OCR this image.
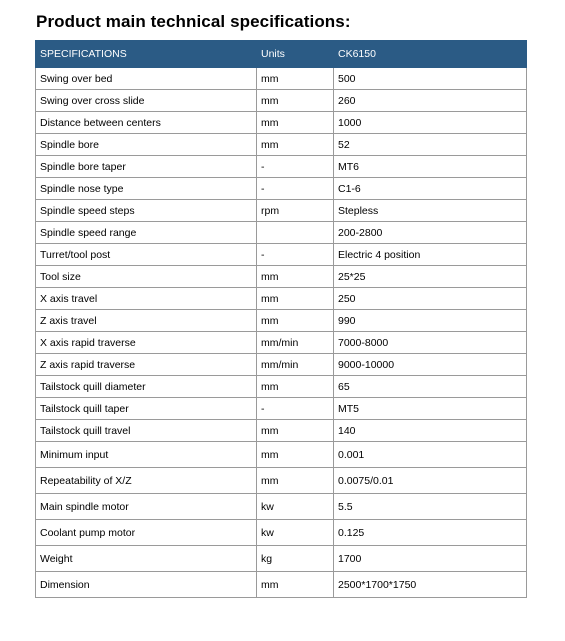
Product main technical specifications:
SPECIFICATIONS	Units	CK6150
Swing over bed	mm	500
Swing over cross slide	mm	260
Distance between centers	mm	1000
Spindle bore	mm	52
Spindle bore taper	-	MT6
Spindle nose type	-	C1-6
Spindle speed steps	rpm	Stepless
Spindle speed range		200-2800
Turret/tool post	-	Electric 4 position
Tool size	mm	25*25
X axis travel	mm	250
Z axis travel	mm	990
X axis rapid traverse	mm/min	7000-8000
Z axis rapid traverse	mm/min	9000-10000
Tailstock quill diameter	mm	65
Tailstock quill taper	-	MT5
Tailstock quill travel	mm	140
Minimum input	mm	0.001
Repeatability of X/Z	mm	0.0075/0.01
Main spindle motor	kw	5.5
Coolant pump motor	kw	0.125
Weight	kg	1700
Dimension	mm	2500*1700*1750
